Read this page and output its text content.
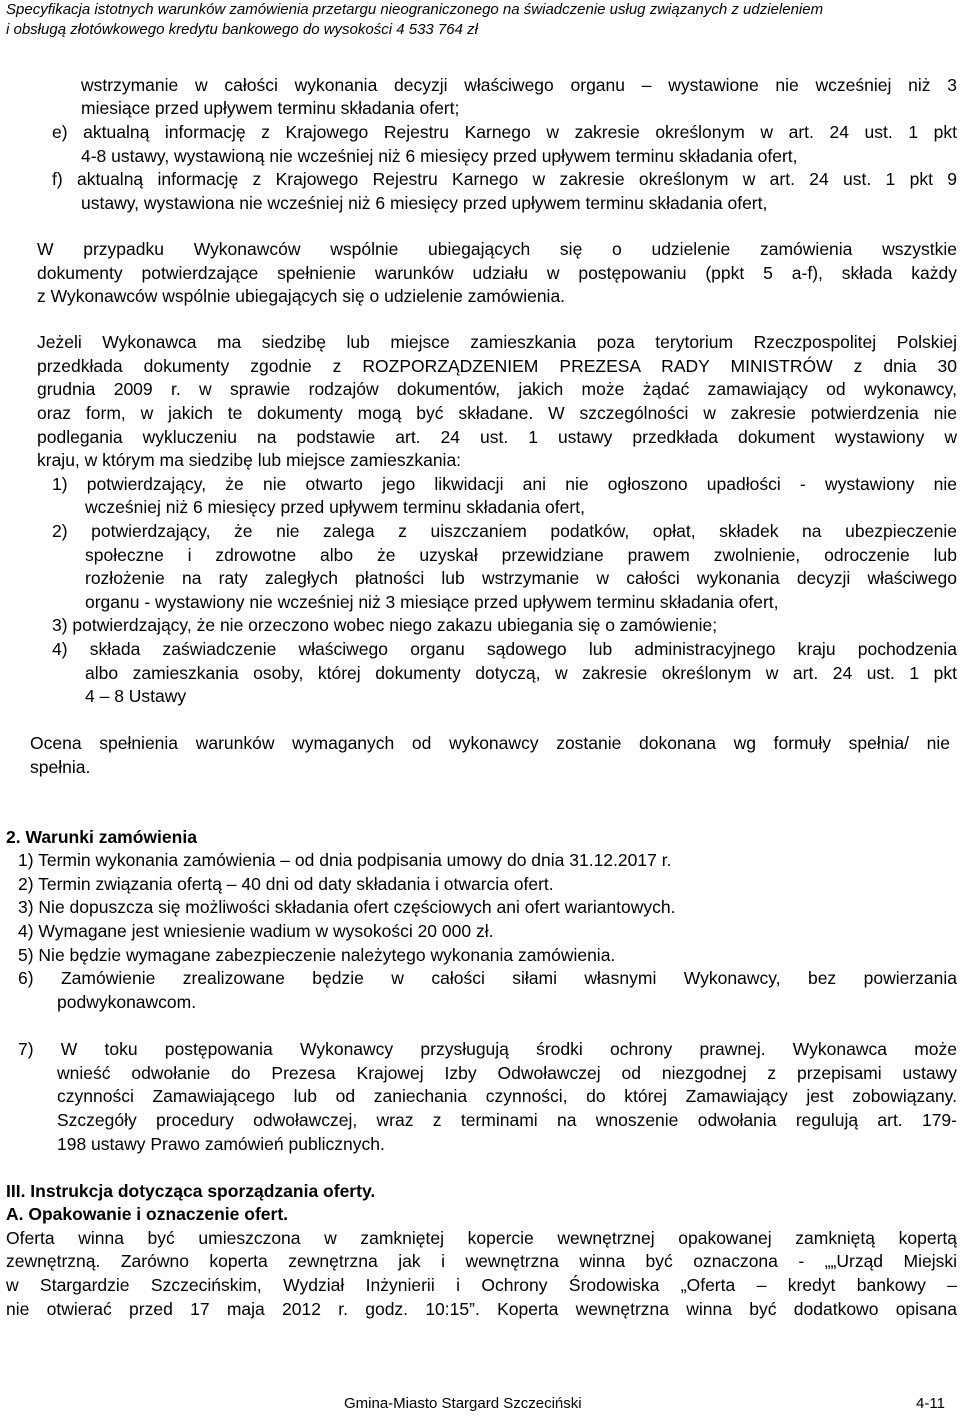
Specyfikacja istotnych warunków zamówienia przetargu nieograniczonego na świadczenie usług związanych z udzieleniem
i obsługą złotówkowego kredytu bankowego do wysokości 4 533 764 zł
wstrzymanie w całości wykonania decyzji właściwego organu – wystawione nie wcześniej niż 3
miesiące przed upływem terminu składania ofert;
e) aktualną informację z Krajowego Rejestru Karnego w zakresie określonym w art. 24 ust. 1 pkt
4-8 ustawy, wystawioną nie wcześniej niż 6 miesięcy przed upływem terminu składania ofert,
f) aktualną informację z Krajowego Rejestru Karnego w zakresie określonym w art. 24 ust. 1 pkt 9
ustawy, wystawiona nie wcześniej niż 6 miesięcy przed upływem terminu składania ofert,
W przypadku Wykonawców wspólnie ubiegających się o udzielenie zamówienia wszystkie
dokumenty potwierdzające spełnienie warunków udziału w postępowaniu (ppkt 5 a-f), składa każdy
z Wykonawców wspólnie ubiegających się o udzielenie zamówienia.
Jeżeli Wykonawca ma siedzibę lub miejsce zamieszkania poza terytorium Rzeczpospolitej Polskiej
przedkłada dokumenty zgodnie z ROZPORZĄDZENIEM PREZESA RADY MINISTRÓW z dnia 30
grudnia 2009 r. w sprawie rodzajów dokumentów, jakich może żądać zamawiający od wykonawcy,
oraz form, w jakich te dokumenty mogą być składane. W szczególności w zakresie potwierdzenia nie
podlegania wykluczeniu na podstawie art. 24 ust. 1 ustawy przedkłada dokument wystawiony w
kraju, w którym ma siedzibę lub miejsce zamieszkania:
1) potwierdzający, że nie otwarto jego likwidacji ani nie ogłoszono upadłości - wystawiony nie
wcześniej niż 6 miesięcy przed upływem terminu składania ofert,
2) potwierdzający, że nie zalega z uiszczaniem podatków, opłat, składek na ubezpieczenie
społeczne i zdrowotne albo że uzyskał przewidziane prawem zwolnienie, odroczenie lub
rozłożenie na raty zaległych płatności lub wstrzymanie w całości wykonania decyzji właściwego
organu - wystawiony nie wcześniej niż 3 miesiące przed upływem terminu składania ofert,
3) potwierdzający, że nie orzeczono wobec niego zakazu ubiegania się o zamówienie;
4) składa zaświadczenie właściwego organu sądowego lub administracyjnego kraju pochodzenia
albo zamieszkania osoby, której dokumenty dotyczą, w zakresie określonym w art. 24 ust. 1 pkt
4 – 8 Ustawy
Ocena spełnienia warunków wymaganych od wykonawcy zostanie dokonana wg formuły spełnia/ nie
spełnia.
2. Warunki zamówienia
1) Termin wykonania zamówienia – od dnia podpisania umowy do dnia 31.12.2017 r.
2) Termin związania ofertą – 40 dni od daty składania i otwarcia ofert.
3) Nie dopuszcza się możliwości składania ofert częściowych ani ofert wariantowych.
4) Wymagane jest wniesienie wadium w wysokości 20 000 zł.
5) Nie będzie wymagane zabezpieczenie należytego wykonania zamówienia.
6) Zamówienie zrealizowane będzie w całości siłami własnymi Wykonawcy, bez powierzania
podwykonawcom.
7) W toku postępowania Wykonawcy przysługują środki ochrony prawnej. Wykonawca może
wnieść odwołanie do Prezesa Krajowej Izby Odwoławczej od niezgodnej z przepisami ustawy
czynności Zamawiającego lub od zaniechania czynności, do której Zamawiający jest zobowiązany.
Szczegóły procedury odwoławczej, wraz z terminami na wnoszenie odwołania regulują art. 179-
198 ustawy Prawo zamówień publicznych.
III. Instrukcja dotycząca sporządzania oferty.
A. Opakowanie i oznaczenie ofert.
Oferta winna być umieszczona w zamkniętej kopercie wewnętrznej opakowanej zamkniętą kopertą
zewnętrzną. Zarówno koperta zewnętrzna jak i wewnętrzna winna być oznaczona - „„Urząd Miejski
w Stargardzie Szczecińskim, Wydział Inżynierii i Ochrony Środowiska „Oferta – kredyt bankowy –
nie otwierać przed 17 maja 2012 r. godz. 10:15”. Koperta wewnętrzna winna być dodatkowo opisana
Gmina-Miasto Stargard Szczeciński	4-11
